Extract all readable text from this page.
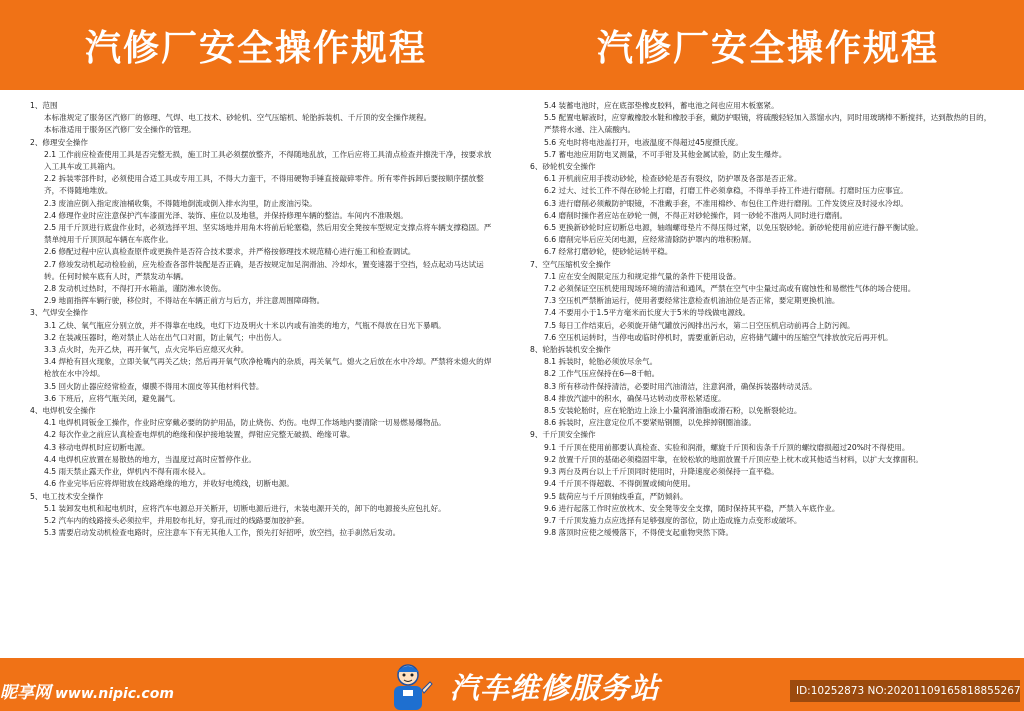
汽修厂安全操作规程	汽修厂安全操作规程
1、范围
本标准规定了服务区汽修厂的修理、气焊、电工技术、砂轮机、空气压缩机、轮胎拆装机、千斤顶的安全操作规程。
本标准适用于服务区汽修厂安全操作的管理。
2、修理安全操作
2.1 工作前应检查使用工具是否完整无损，施工时工具必须摆放整齐，不得随地乱放，工作后应将工具清点检查并擦洗干净，按要求放入工具车或工具箱内。
2.2 拆装零部件时，必须使用合适工具或专用工具，不得大力蛮干，不得用硬物手锤直接敲碎零件。所有零件拆卸后要按顺序摆放整齐，不得随地堆放。
2.3 废油应倒入指定废油桶收集，不得随地倒流或倒入排水沟里，防止废油污染。
2.4 修理作业时应注意保护汽车漆面光泽、装饰、座位以及地毯，并保持修理车辆的整洁。车间内不准吸烟。
2.5 用千斤顶进行底盘作业时，必须选择平坦、坚实场地并用角木将前后轮塞稳，然后用安全凳按车型规定支撑点将车辆支撑稳固。严禁单纯用千斤顶顶起车辆在车底作业。
2.6 修配过程中应认真检查原件或更换件是否符合技术要求，并严格按修理技术规范精心进行施工和检查调试。
2.7 修竣发动机起动检验前，应先检查各部件装配是否正确，是否按规定加足润滑油、冷却水，置变速器于空挡，轻点起动马达试运转。任何时候车底有人时，严禁发动车辆。
2.8 发动机过热时，不得打开水箱盖，谨防沸水烫伤。
2.9 地面指挥车辆行驶，移位时，不得站在车辆正前方与后方，并注意周围障碍物。
3、气焊安全操作
3.1 乙炔、氧气瓶应分别立放，并不得靠在电线，电灯下边及明火十米以内或有油类的地方，气瓶不得放在日光下暴晒。
3.2 在装减压器时，绝对禁止人站在出气口对面，防止氧气；中出伤人。
3.3 点火时，先开乙炔，再开氧气，点火完毕后应熄灭火种。
3.4 焊枪有回火现象，立即关氧气再关乙炔；然后再开氧气吹净枪嘴内的杂质，再关氧气。熄火之后放在水中冷却。严禁将未熄火的焊枪放在水中冷却。
3.5 回火防止器应经常检查，爆膜不得用木面皮等其他材料代替。
3.6 下班后，应将气瓶关闭，避免漏气。
4、电焊机安全操作
4.1 电焊机同钣金工操作，作业时应穿戴必要的防护用品，防止烧伤、灼伤。电焊工作场地内要清除一切易燃易爆物品。
4.2 每次作业之前应认真检查电焊机的绝缘和保护接地装置，焊钳应完整无破损、绝缘可靠。
4.3 移动电焊机时应切断电源。
4.4 电焊机应放置在易散热的地方，当温度过高时应暂停作业。
4.5 雨天禁止露天作业，焊机内不得有雨水侵入。
4.6 作业完毕后应将焊钳放在线路绝缘的地方，并收好电缆线，切断电源。
5、电工技术安全操作
5.1 装卸发电机和起电机时，应将汽车电源总开关断开，切断电源后进行，未装电源开关的，卸下的电源接头应包扎好。
5.2 汽车内的线路接头必须拉牢，并用胶布扎好，穿孔而过的线路要加胶护套。
5.3 需要启动发动机检查电路时，应注意车下有无其他人工作，预先打好招呼，放空挡，拉手刹然后发动。
5.4 装蓄电池时，应在底部垫橡皮胶料，蓄电池之间也应用木板塞紧。
5.5 配置电解液时，应穿戴橡胶水鞋和橡胶手套，戴防护眼镜，将硫酸轻轻加入蒸馏水内，同时用玻璃棒不断搅拌，达到散热的目的，严禁将水递、注入硫酸内。
5.6 充电时将电池盖打开，电液温度不得超过45度摄氏度。
5.7 蓄电池应用防电叉测量，不可手钳及其他金属试验，防止发生爆炸。
6、砂轮机安全操作
6.1 开机前应用手拨动砂轮，检查砂轮是否有裂纹，防护罩及各部是否正常。
6.2 过大、过长工件不得在砂轮上打磨，打磨工件必须拿稳，不得单手持工件进行磨削。打磨时压力应事宜。
6.3 进行磨削必须戴防护眼镜，不准戴手套，不准用棉纱、布包住工件进行磨削。工件发烫应及时浸水冷却。
6.4 磨削时操作者应站在砂轮一侧，不得正对砂轮操作，同一砂轮不准两人同时进行磨削。
6.5 更换新砂轮时应切断总电源，轴端螺母垫片不得压得过紧，以免压裂砂轮。新砂轮使用前应进行静平衡试验。
6.6 磨削完毕后应关闭电源，应经常清除防护罩内的堆积粉屑。
6.7 经常打磨砂轮，使砂轮运转平稳。
7、空气压缩机安全操作
7.1 应在安全阀限定压力和规定排气量的条件下使用设备。
7.2 必须保证空压机使用现场环境的清洁和通风，严禁在空气中尘量过高或有腐蚀性和易燃性气体的场合使用。
7.3 空压机严禁断油运行，使用者要经常注意检查机油油位是否正常，要定期更换机油。
7.4 不要用小于1.5平方毫米而长度大于5米的导线做电源线。
7.5 每日工作结束后，必须旋开储气罐放污阀排出污水，第二日空压机启动前再合上防污阀。
7.6 空压机运转时，当停电或临时停机时，需要重新启动，应将储气罐中的压缩空气排放放完后再开机。
8、轮胎拆装机安全操作
8.1 拆装时，轮胎必须放尽余气。
8.2 工作气压应保持在6—8千帕。
8.3 所有移动件保持清洁，必要时用汽油清洁，注意润滑，确保拆装器转动灵活。
8.4 排放汽滤中的积水，确保马达转动皮带松紧适度。
8.5 安装轮胎时，应在轮胎边上涂上小量润滑油脂或滑石粉，以免断裂轮边。
8.6 拆装时，应注意定位爪不要紧贴钢圈，以免摔掉钢圈油漆。
9、千斤顶安全操作
9.1 千斤顶在使用前都要认真检查、实验和润滑，螺旋千斤顶和齿条千斤顶的螺纹磨损超过20%时不得使用。
9.2 放置千斤顶的基础必须稳固牢靠，在较松软的地面放置千斤顶应垫上枕木或其他适当材料，以扩大支撑面积。
9.3 两台及两台以上千斤顶同时使用时，升降速度必须保持一直平稳。
9.4 千斤顶不得超载、不得倒置或倾向使用。
9.5 载荷应与千斤顶轴线垂直，严防倾斜。
9.6 进行起落工作时应放枕木、安全凳等安全支撑，随时保持其平稳，严禁入车底作业。
9.7 千斤顶发施力点应选择有足够强度的部位，防止造成施力点变形或破坏。
9.8 落顶时应使之缓慢落下，不得使支起重物突然下降。
昵享网 www.nipic.com	汽车维修服务站	ID:10252873 NO:20201109165818855267
